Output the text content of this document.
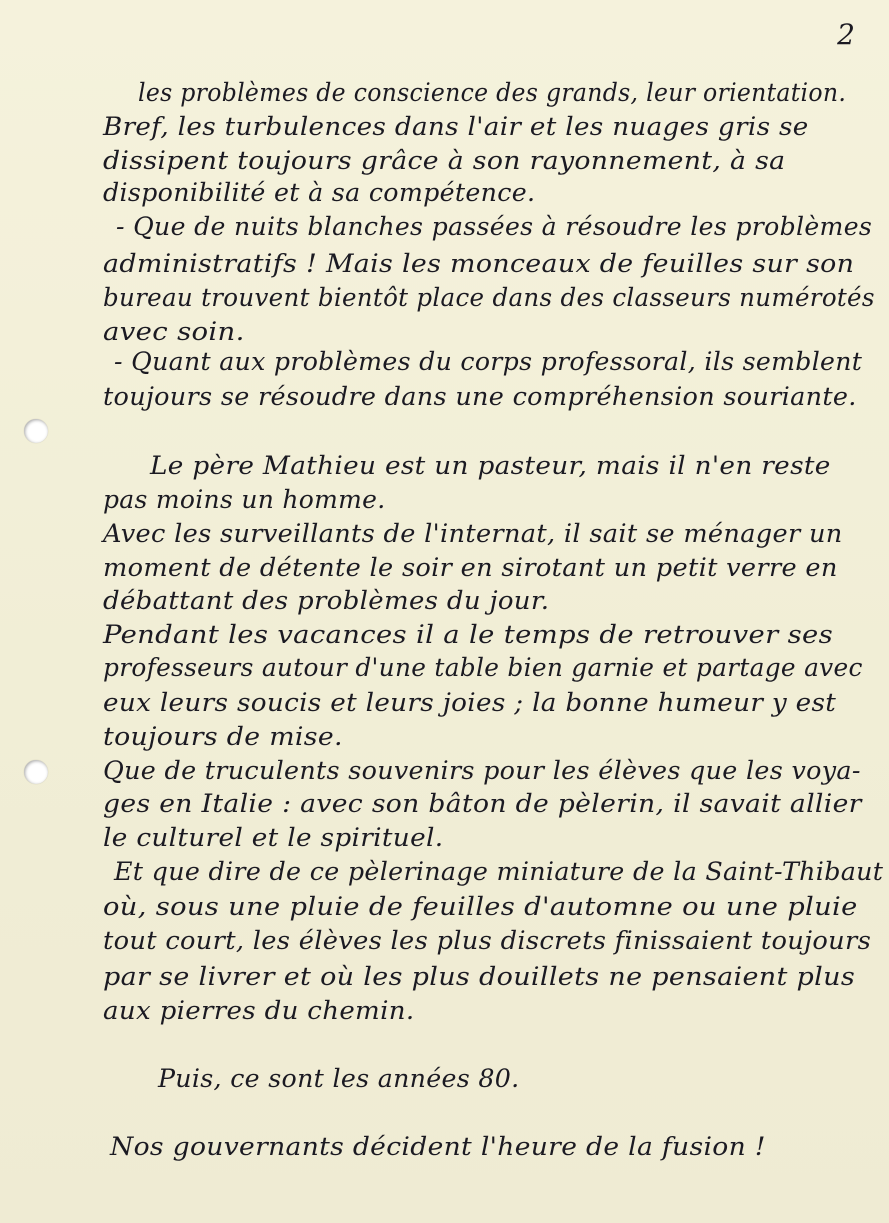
2
les problèmes de conscience des grands, leur orientation.
Bref, les turbulences dans l'air et les nuages gris se
dissipent toujours grâce à son rayonnement, à sa
disponibilité et à sa compétence.
- Que de nuits blanches passées à résoudre les problèmes
administratifs ! Mais les monceaux de feuilles sur son
bureau trouvent bientôt place dans des classeurs numérotés
avec soin.
- Quant aux problèmes du corps professoral, ils semblent
toujours se résoudre dans une compréhension souriante.
Le père Mathieu est un pasteur, mais il n'en reste
pas moins un homme.
Avec les surveillants de l'internat, il sait se ménager un
moment de détente le soir en sirotant un petit verre en
débattant des problèmes du jour.
Pendant les vacances il a le temps de retrouver ses
professeurs autour d'une table bien garnie et partage avec
eux leurs soucis et leurs joies ; la bonne humeur y est
toujours de mise.
Que de truculents souvenirs pour les élèves que les voya-
ges en Italie : avec son bâton de pèlerin, il savait allier
le culturel et le spirituel.
Et que dire de ce pèlerinage miniature de la Saint-Thibaut
où, sous une pluie de feuilles d'automne ou une pluie
tout court, les élèves les plus discrets finissaient toujours
par se livrer et où les plus douillets ne pensaient plus
aux pierres du chemin.
Puis, ce sont les années 80.
Nos gouvernants décident l'heure de la fusion !
